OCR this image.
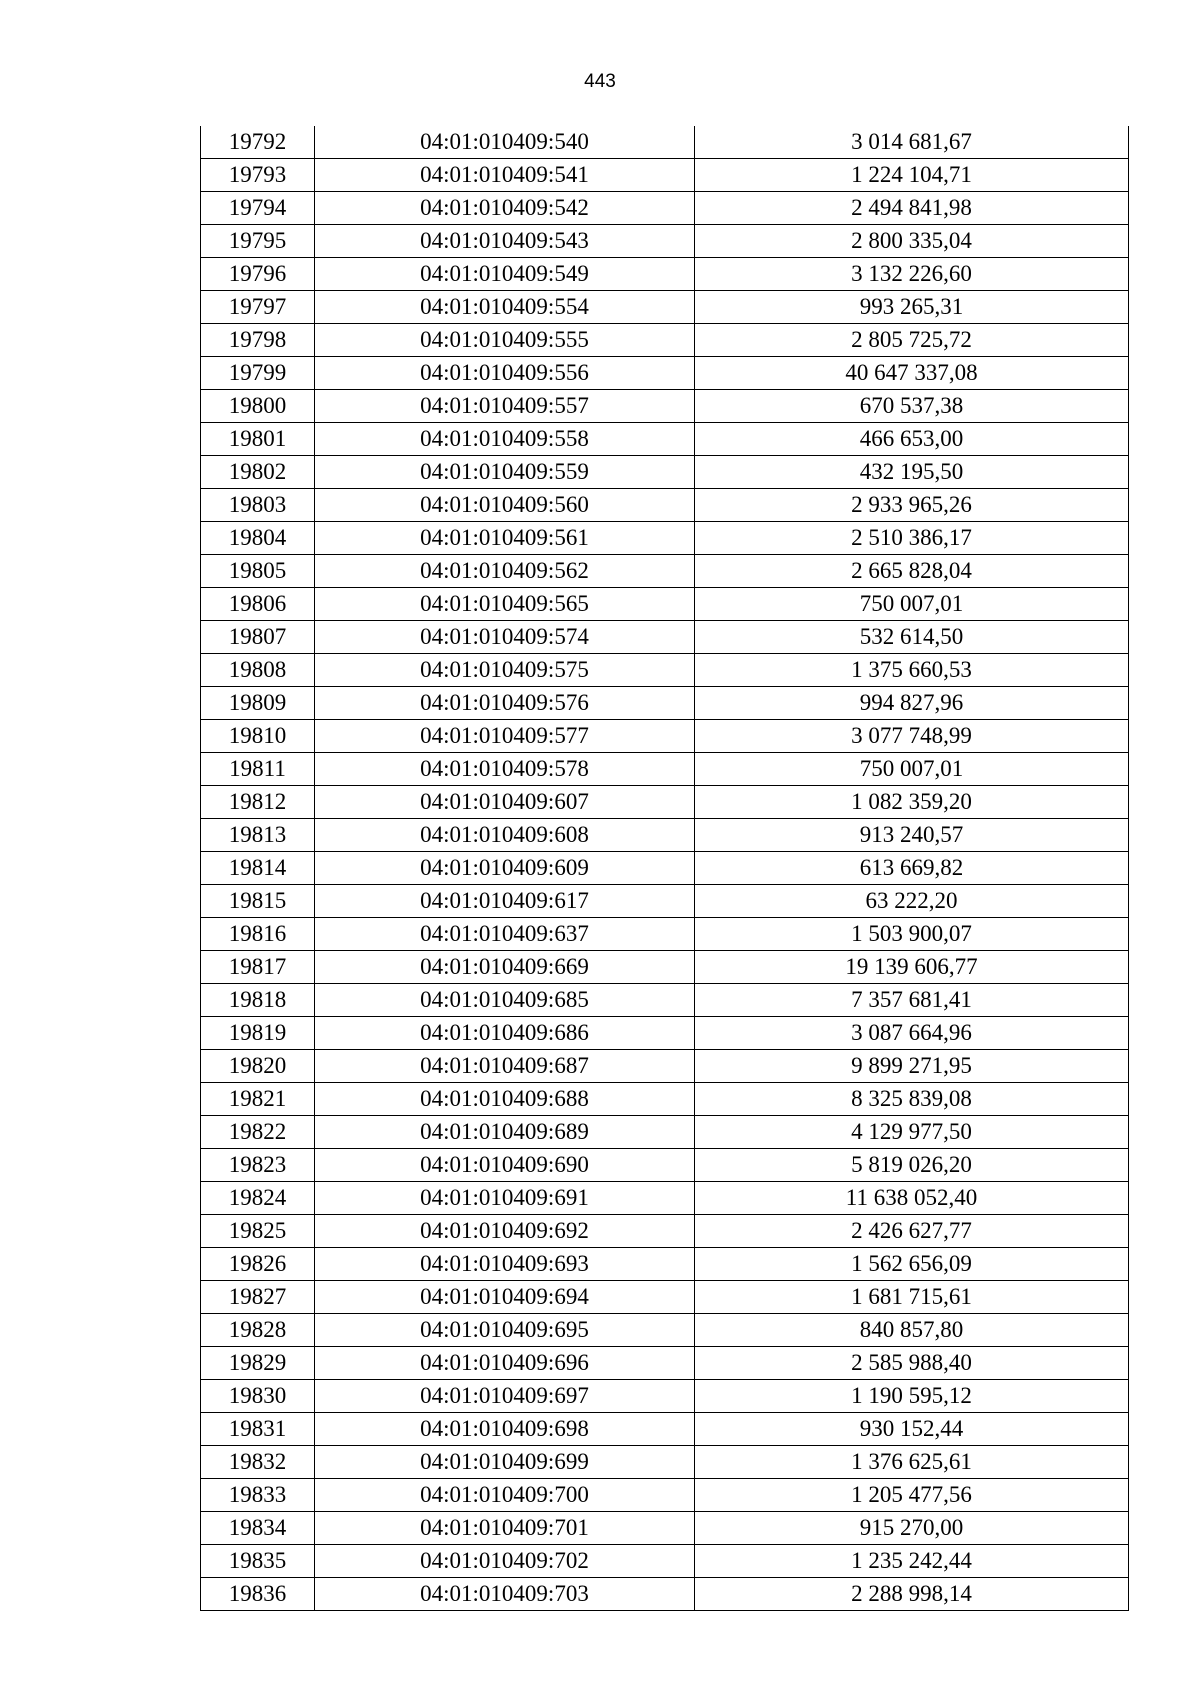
443
19792	04:01:010409:540	3 014 681,67
19793	04:01:010409:541	1 224 104,71
19794	04:01:010409:542	2 494 841,98
19795	04:01:010409:543	2 800 335,04
19796	04:01:010409:549	3 132 226,60
19797	04:01:010409:554	993 265,31
19798	04:01:010409:555	2 805 725,72
19799	04:01:010409:556	40 647 337,08
19800	04:01:010409:557	670 537,38
19801	04:01:010409:558	466 653,00
19802	04:01:010409:559	432 195,50
19803	04:01:010409:560	2 933 965,26
19804	04:01:010409:561	2 510 386,17
19805	04:01:010409:562	2 665 828,04
19806	04:01:010409:565	750 007,01
19807	04:01:010409:574	532 614,50
19808	04:01:010409:575	1 375 660,53
19809	04:01:010409:576	994 827,96
19810	04:01:010409:577	3 077 748,99
19811	04:01:010409:578	750 007,01
19812	04:01:010409:607	1 082 359,20
19813	04:01:010409:608	913 240,57
19814	04:01:010409:609	613 669,82
19815	04:01:010409:617	63 222,20
19816	04:01:010409:637	1 503 900,07
19817	04:01:010409:669	19 139 606,77
19818	04:01:010409:685	7 357 681,41
19819	04:01:010409:686	3 087 664,96
19820	04:01:010409:687	9 899 271,95
19821	04:01:010409:688	8 325 839,08
19822	04:01:010409:689	4 129 977,50
19823	04:01:010409:690	5 819 026,20
19824	04:01:010409:691	11 638 052,40
19825	04:01:010409:692	2 426 627,77
19826	04:01:010409:693	1 562 656,09
19827	04:01:010409:694	1 681 715,61
19828	04:01:010409:695	840 857,80
19829	04:01:010409:696	2 585 988,40
19830	04:01:010409:697	1 190 595,12
19831	04:01:010409:698	930 152,44
19832	04:01:010409:699	1 376 625,61
19833	04:01:010409:700	1 205 477,56
19834	04:01:010409:701	915 270,00
19835	04:01:010409:702	1 235 242,44
19836	04:01:010409:703	2 288 998,14
